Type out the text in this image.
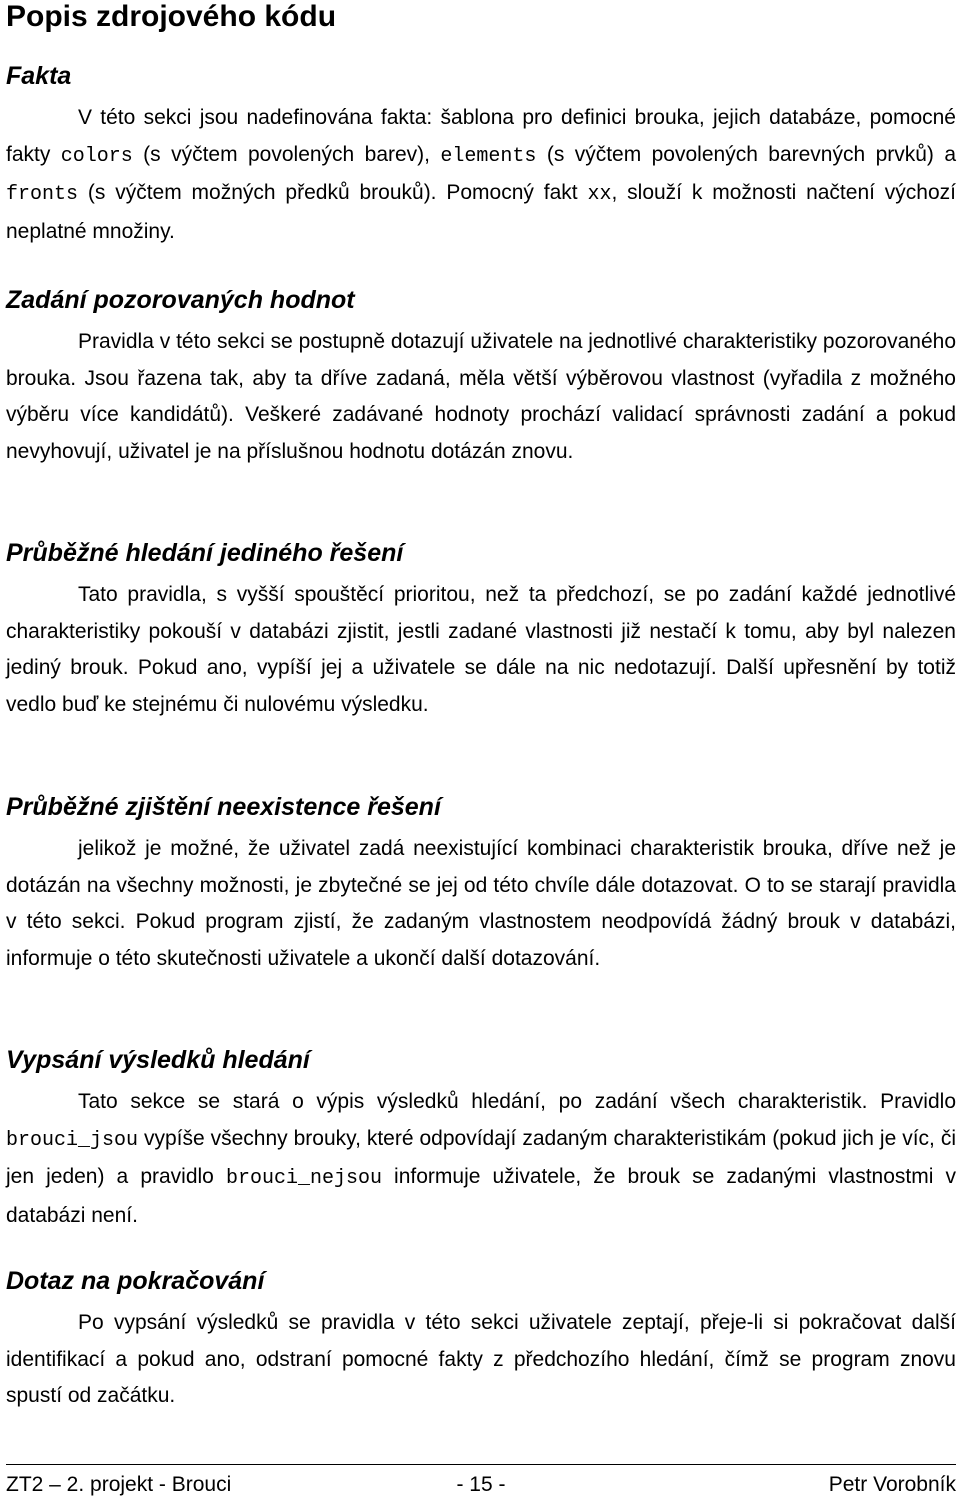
Popis zdrojového kódu
Fakta

V této sekci jsou nadefinována fakta: šablona pro definici brouka, jejich databáze, pomocné fakty colors (s výčtem povolených barev), elements (s výčtem povolených barevných prvků) a fronts (s výčtem možných předků brouků). Pomocný fakt xx, slouží k možnosti načtení výchozí neplatné množiny.

Zadání pozorovaných hodnot

Pravidla v této sekci se postupně dotazují uživatele na jednotlivé charakteristiky pozorovaného brouka. Jsou řazena tak, aby ta dříve zadaná, měla větší výběrovou vlastnost (vyřadila z možného výběru více kandidátů). Veškeré zadávané hodnoty prochází validací správnosti zadání a pokud nevyhovují, uživatel je na příslušnou hodnotu dotázán znovu.

Průběžné hledání jediného řešení

Tato pravidla, s vyšší spouštěcí prioritou, než ta předchozí, se po zadání každé jednotlivé charakteristiky pokouší v databázi zjistit, jestli zadané vlastnosti již nestačí k tomu, aby byl nalezen jediný brouk. Pokud ano, vypíší jej a uživatele se dále na nic nedotazují. Další upřesnění by totiž vedlo buď ke stejnému či nulovému výsledku.

Průběžné zjištění neexistence řešení

jelikož je možné, že uživatel zadá neexistující kombinaci charakteristik brouka, dříve než je dotázán na všechny možnosti, je zbytečné se jej od této chvíle dále dotazovat. O to se starají pravidla v této sekci. Pokud program zjistí, že zadaným vlastnostem neodpovídá žádný brouk v databázi, informuje o této skutečnosti uživatele a ukončí další dotazování.

Vypsání výsledků hledání

Tato sekce se stará o výpis výsledků hledání, po zadání všech charakteristik. Pravidlo brouci_jsou vypíše všechny brouky, které odpovídají zadaným charakteristikám (pokud jich je víc, či jen jeden) a pravidlo brouci_nejsou informuje uživatele, že brouk se zadanými vlastnostmi v databázi není.

Dotaz na pokračování

Po vypsání výsledků se pravidla v této sekci uživatele zeptají, přeje-li si pokračovat další identifikací a pokud ano, odstraní pomocné fakty z předchozího hledání, čímž se program znovu spustí od začátku.

ZT2 – 2. projekt - Brouci	- 15 -	Petr Vorobník
